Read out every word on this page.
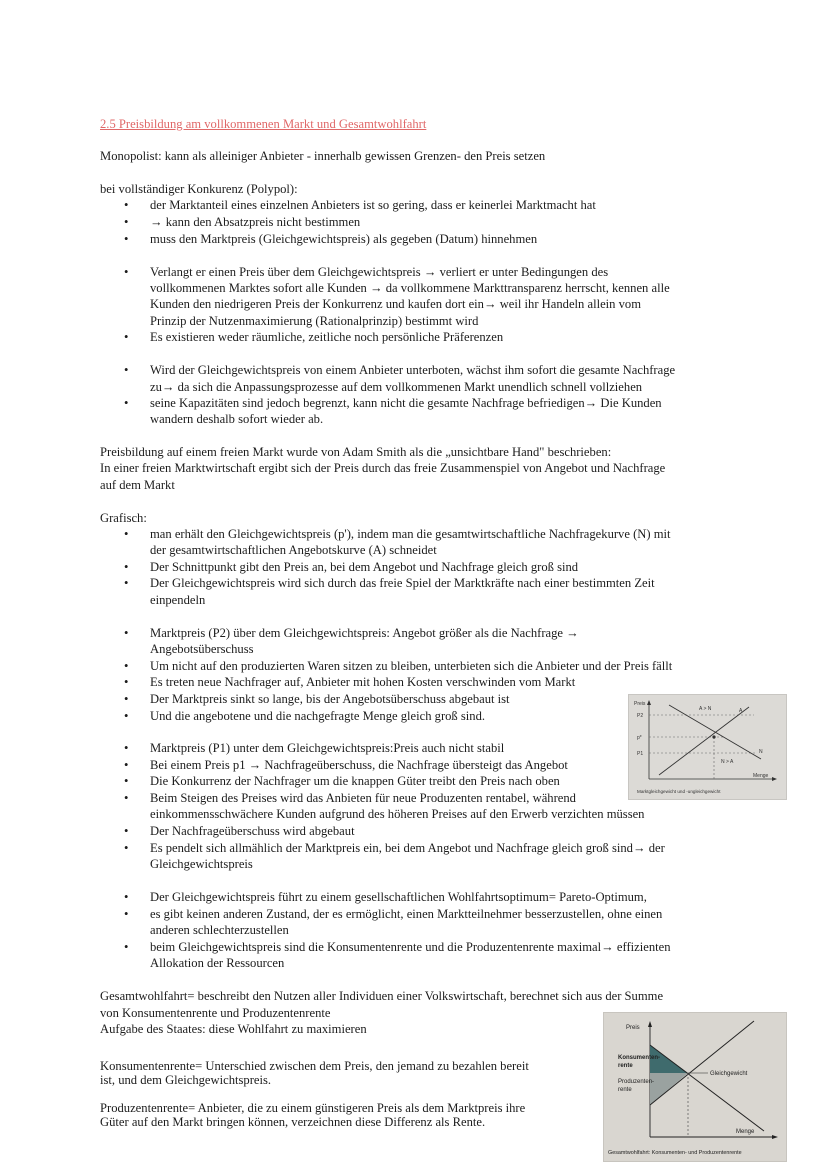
2.5 Preisbildung am vollkommenen Markt und Gesamtwohlfahrt
Monopolist: kann als alleiniger Anbieter - innerhalb gewissen Grenzen- den Preis setzen
bei vollständiger Konkurenz (Polypol):
• der Marktanteil eines einzelnen Anbieters ist so gering, dass er keinerlei Marktmacht hat
• → kann den Absatzpreis nicht bestimmen
• muss den Marktpreis (Gleichgewichtspreis) als gegeben (Datum) hinnehmen
• Verlangt er einen Preis über dem Gleichgewichtspreis → verliert er unter Bedingungen des
vollkommenen Marktes sofort alle Kunden → da vollkommene Markttransparenz herrscht, kennen alle
Kunden den niedrigeren Preis der Konkurrenz und kaufen dort ein→ weil ihr Handeln allein vom
Prinzip der Nutzenmaximierung (Rationalprinzip) bestimmt wird
• Es existieren weder räumliche, zeitliche noch persönliche Präferenzen
• Wird der Gleichgewichtspreis von einem Anbieter unterboten, wächst ihm sofort die gesamte Nachfrage
zu→ da sich die Anpassungsprozesse auf dem vollkommenen Markt unendlich schnell vollziehen
• seine Kapazitäten sind jedoch begrenzt, kann nicht die gesamte Nachfrage befriedigen→ Die Kunden
wandern deshalb sofort wieder ab.
Preisbildung auf einem freien Markt wurde von Adam Smith als die „unsichtbare Hand" beschrieben:
In einer freien Marktwirtschaft ergibt sich der Preis durch das freie Zusammenspiel von Angebot und Nachfrage
auf dem Markt
Grafisch:
• man erhält den Gleichgewichtspreis (p'), indem man die gesamtwirtschaftliche Nachfragekurve (N) mit
der gesamtwirtschaftlichen Angebotskurve (A) schneidet
• Der Schnittpunkt gibt den Preis an, bei dem Angebot und Nachfrage gleich groß sind
• Der Gleichgewichtspreis wird sich durch das freie Spiel der Marktkräfte nach einer bestimmten Zeit
einpendeln
• Marktpreis (P2) über dem Gleichgewichtspreis: Angebot größer als die Nachfrage →
Angebotsüberschuss
• Um nicht auf den produzierten Waren sitzen zu bleiben, unterbieten sich die Anbieter und der Preis fällt
• Es treten neue Nachfrager auf, Anbieter mit hohen Kosten verschwinden vom Markt
• Der Marktpreis sinkt so lange, bis der Angebotsüberschuss abgebaut ist
• Und die angebotene und die nachgefragte Menge gleich groß sind.
• Marktpreis (P1) unter dem Gleichgewichtspreis:Preis auch nicht stabil
• Bei einem Preis p1 → Nachfrageüberschuss, die Nachfrage übersteigt das Angebot
• Die Konkurrenz der Nachfrager um die knappen Güter treibt den Preis nach oben
• Beim Steigen des Preises wird das Anbieten für neue Produzenten rentabel, während
einkommensschwächere Kunden aufgrund des höheren Preises auf den Erwerb verzichten müssen
• Der Nachfrageüberschuss wird abgebaut
• Es pendelt sich allmählich der Marktpreis ein, bei dem Angebot und Nachfrage gleich groß sind→ der
Gleichgewichtspreis
• Der Gleichgewichtspreis führt zu einem gesellschaftlichen Wohlfahrtsoptimum= Pareto-Optimum,
• es gibt keinen anderen Zustand, der es ermöglicht, einen Marktteilnehmer besserzustellen, ohne einen
anderen schlechterzustellen
• beim Gleichgewichtspreis sind die Konsumentenrente und die Produzentenrente maximal→ effizienten
Allokation der Ressourcen
Gesamtwohlfahrt= beschreibt den Nutzen aller Individuen einer Volkswirtschaft, berechnet sich aus der Summe
von Konsumentenrente und Produzentenrente
Aufgabe des Staates: diese Wohlfahrt zu maximieren
Konsumentenrente= Unterschied zwischen dem Preis, den jemand zu bezahlen bereit
ist, und dem Gleichgewichtspreis.
Produzentenrente= Anbieter, die zu einem günstigeren Preis als dem Marktpreis ihre
Güter auf den Markt bringen können, verzeichnen diese Differenz als Rente.
Preis
P2
p*
P1
A > N
N > A
A
N
Menge
Marktgleichgewicht und -ungleichgewicht
Preis
Konsumenten-
rente
Produzenten-
rente
Gleichgewicht
Menge
Gesamtwohlfahrt: Konsumenten- und Produzentenrente
